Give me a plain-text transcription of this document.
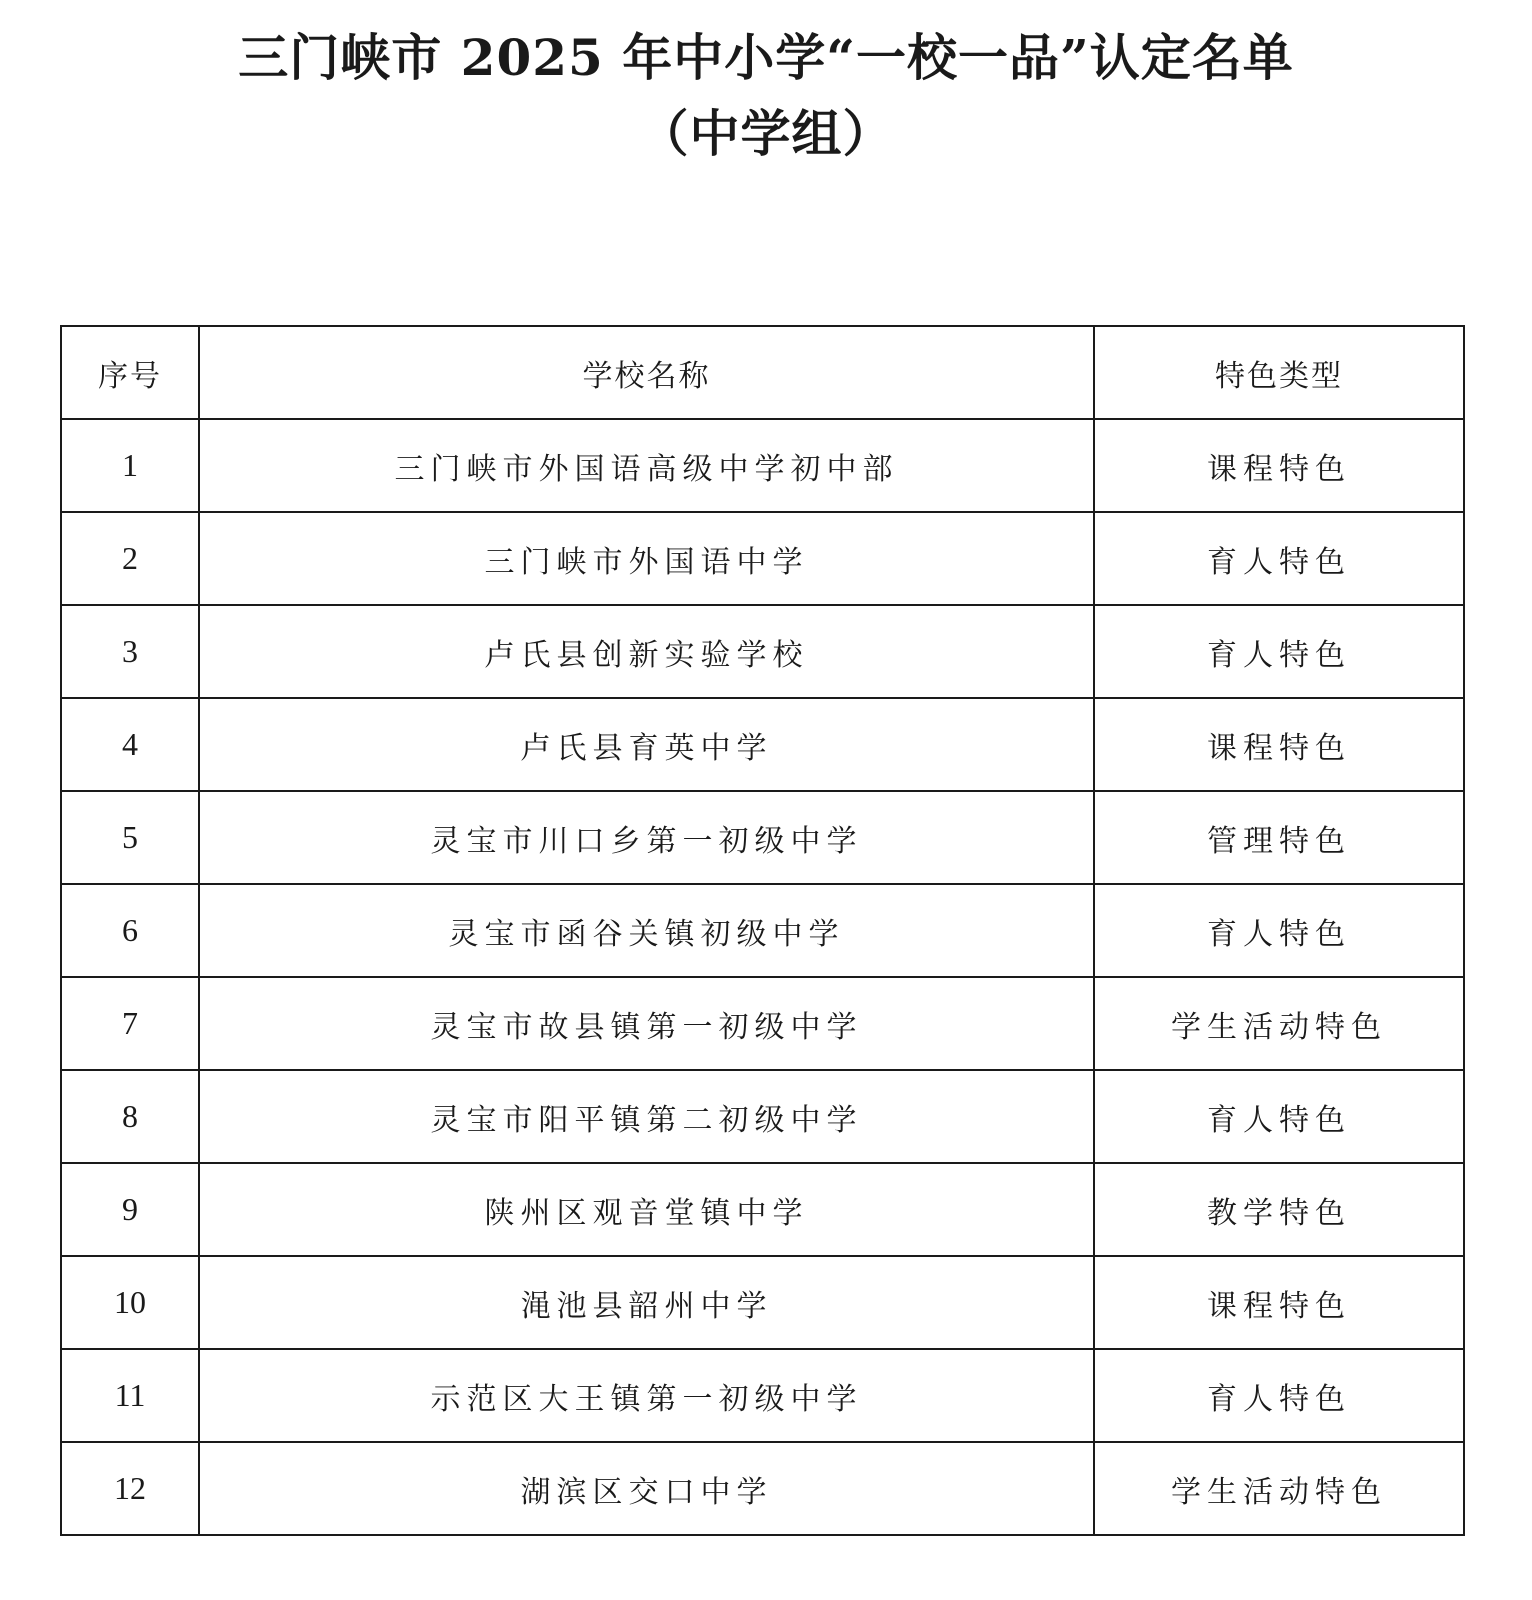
三门峡市 2025 年中小学“一校一品”认定名单
（中学组）
序号	学校名称	特色类型
1	三门峡市外国语高级中学初中部	课程特色
2	三门峡市外国语中学	育人特色
3	卢氏县创新实验学校	育人特色
4	卢氏县育英中学	课程特色
5	灵宝市川口乡第一初级中学	管理特色
6	灵宝市函谷关镇初级中学	育人特色
7	灵宝市故县镇第一初级中学	学生活动特色
8	灵宝市阳平镇第二初级中学	育人特色
9	陕州区观音堂镇中学	教学特色
10	渑池县韶州中学	课程特色
11	示范区大王镇第一初级中学	育人特色
12	湖滨区交口中学	学生活动特色
